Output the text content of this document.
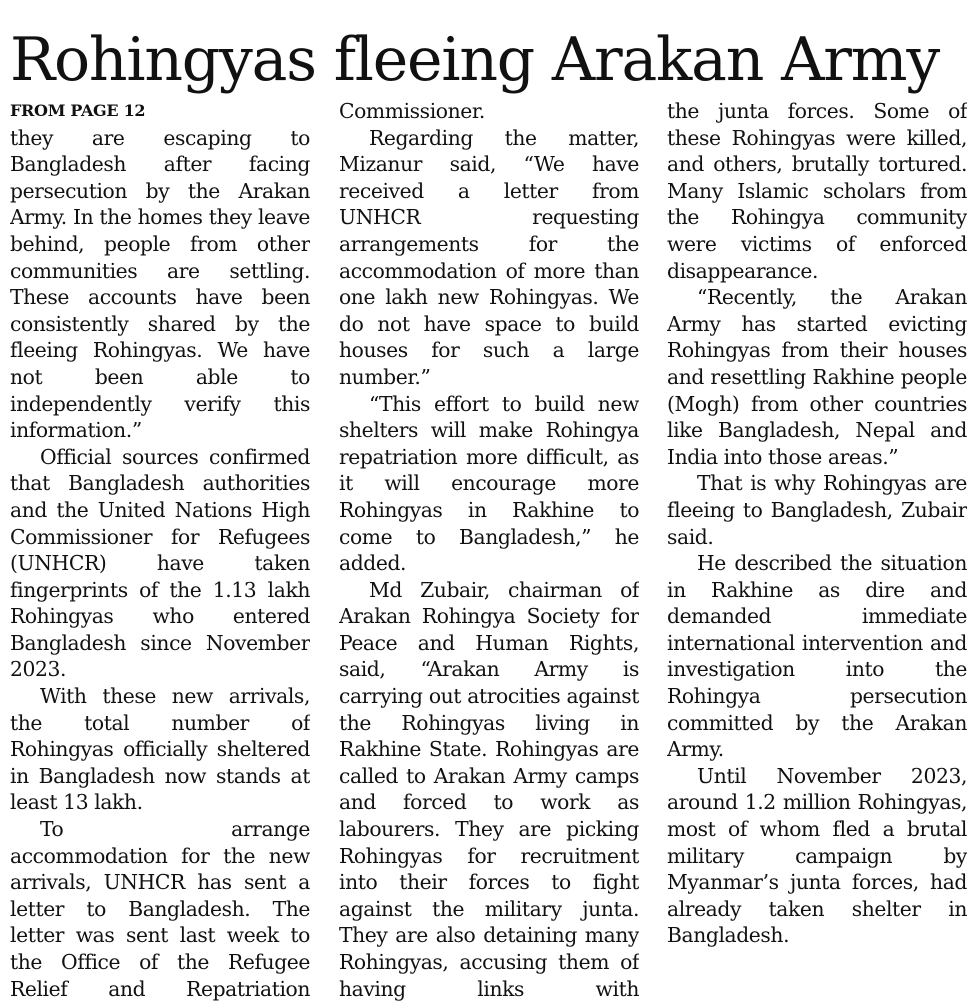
Rohingyas fleeing Arakan Army
FROM PAGE 12

they are escaping to Bangladesh after facing persecution by the Arakan Army. In the homes they leave behind, people from other communities are settling. These accounts have been consistently shared by the fleeing Rohingyas. We have not been able to independently verify this information.”

Official sources confirmed that Bangladesh authorities and the United Nations High Commissioner for Refugees (UNHCR) have taken fingerprints of the 1.13 lakh Rohingyas who entered Bangladesh since November 2023.

With these new arrivals, the total number of Rohingyas officially sheltered in Bangladesh now stands at least 13 lakh.

To arrange accommodation for the new arrivals, UNHCR has sent a letter to Bangladesh. The letter was sent last week to the Office of the Refugee Relief and Repatriation

Commissioner.

Regarding the matter, Mizanur said, “We have received a letter from UNHCR requesting arrangements for the accommodation of more than one lakh new Rohingyas. We do not have space to build houses for such a large number.”

“This effort to build new shelters will make Rohingya repatriation more difficult, as it will encourage more Rohingyas in Rakhine to come to Bangladesh,” he added.

Md Zubair, chairman of Arakan Rohingya Society for Peace and Human Rights, said, “Arakan Army is carrying out atrocities against the Rohingyas living in Rakhine State. Rohingyas are called to Arakan Army camps and forced to work as labourers. They are picking Rohingyas for recruitment into their forces to fight against the military junta. They are also detaining many Rohingyas, accusing them of having links with

the junta forces. Some of these Rohingyas were killed, and others, brutally tortured. Many Islamic scholars from the Rohingya community were victims of enforced disappearance.

“Recently, the Arakan Army has started evicting Rohingyas from their houses and resettling Rakhine people (Mogh) from other countries like Bangladesh, Nepal and India into those areas.”

That is why Rohingyas are fleeing to Bangladesh, Zubair said.

He described the situation in Rakhine as dire and demanded immediate international intervention and investigation into the Rohingya persecution committed by the Arakan Army.

Until November 2023, around 1.2 million Rohingyas, most of whom fled a brutal military campaign by Myanmar’s junta forces, had already taken shelter in Bangladesh.
